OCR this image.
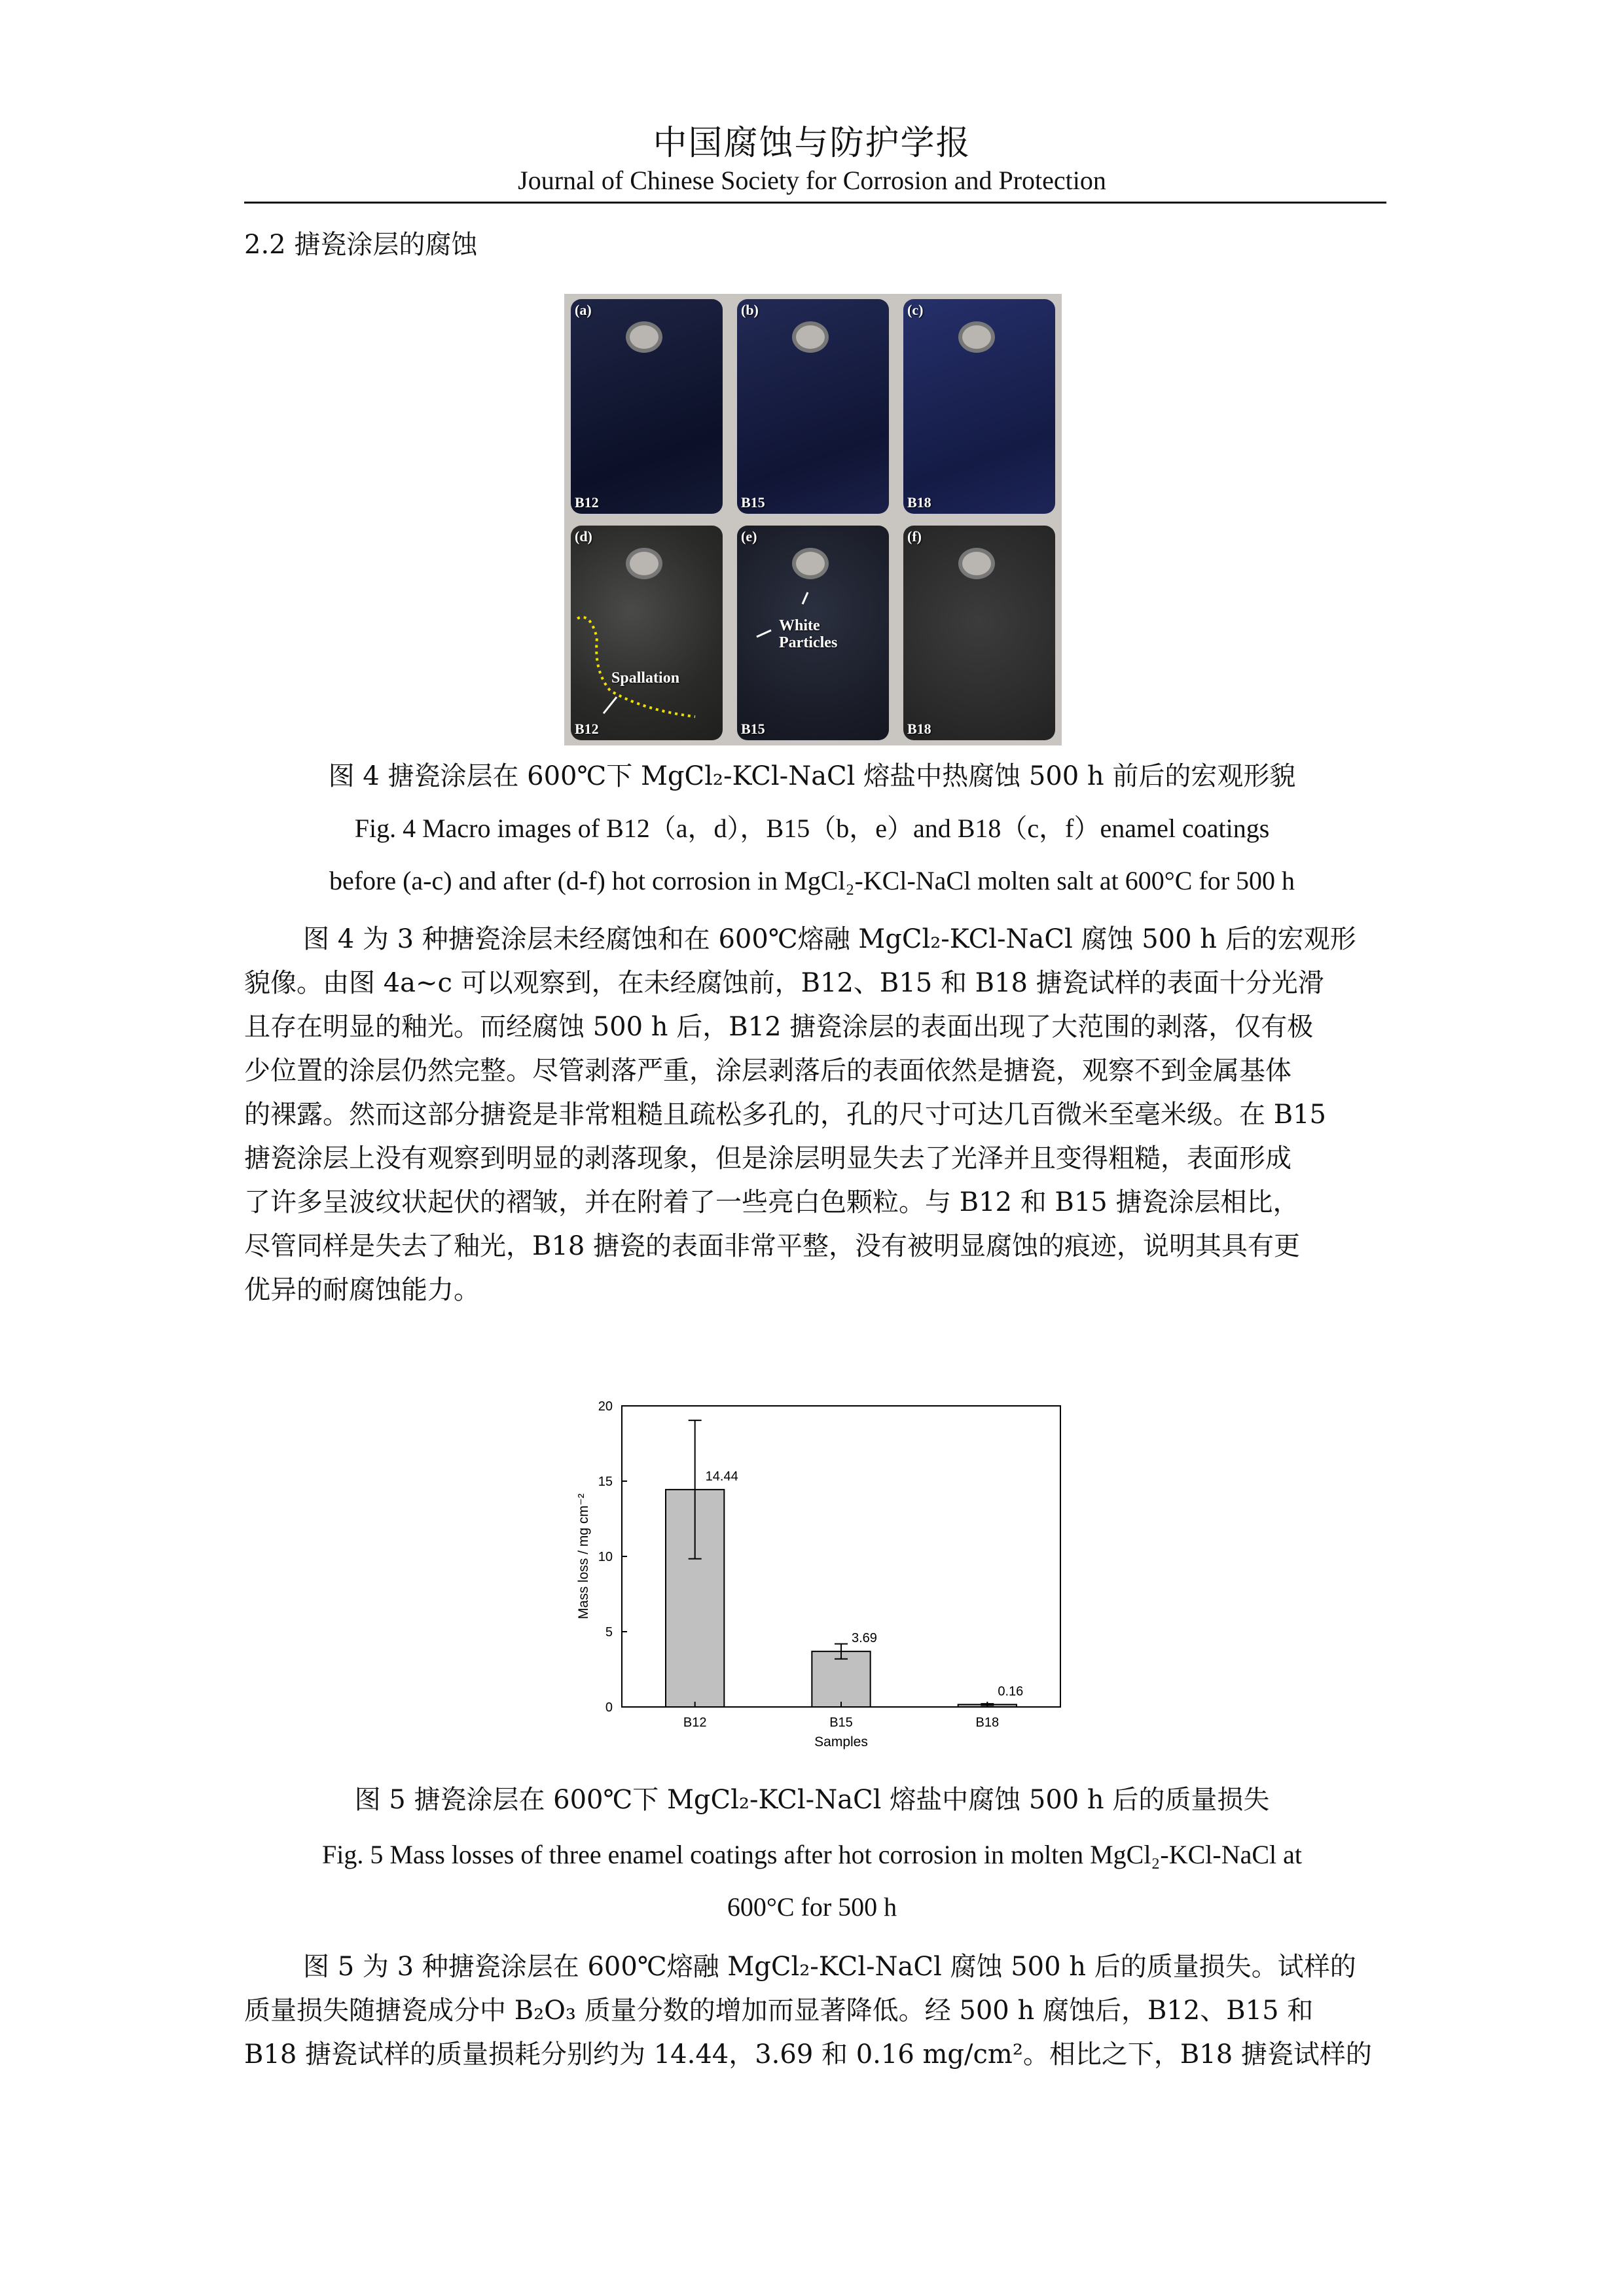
中国腐蚀与防护学报
Journal of Chinese Society for Corrosion and Protection
2.2 搪瓷涂层的腐蚀
(a)
B12
(b)
B15
(c)
B18
(d)
Spallation
B12
(e)
White
Particles
B15
(f)
B18
图 4 搪瓷涂层在 600℃下 MgCl₂-KCl-NaCl 熔盐中热腐蚀 500 h 前后的宏观形貌
Fig. 4 Macro images of B12（a，d），B15（b，e）and B18（c，f）enamel coatings
before (a-c) and after (d-f) hot corrosion in MgCl₂-KCl-NaCl molten salt at 600°C for 500 h
图 4 为 3 种搪瓷涂层未经腐蚀和在 600℃熔融 MgCl₂-KCl-NaCl 腐蚀 500 h 后的宏观形
貌像。由图 4a~c 可以观察到，在未经腐蚀前，B12、B15 和 B18 搪瓷试样的表面十分光滑
且存在明显的釉光。而经腐蚀 500 h 后，B12 搪瓷涂层的表面出现了大范围的剥落，仅有极
少位置的涂层仍然完整。尽管剥落严重，涂层剥落后的表面依然是搪瓷，观察不到金属基体
的裸露。然而这部分搪瓷是非常粗糙且疏松多孔的，孔的尺寸可达几百微米至毫米级。在 B15
搪瓷涂层上没有观察到明显的剥落现象，但是涂层明显失去了光泽并且变得粗糙，表面形成
了许多呈波纹状起伏的褶皱，并在附着了一些亮白色颗粒。与 B12 和 B15 搪瓷涂层相比，
尽管同样是失去了釉光，B18 搪瓷的表面非常平整，没有被明显腐蚀的痕迹，说明其具有更
优异的耐腐蚀能力。
0
5
10
15
20
14.44
B12
3.69
B15
0.16
B18
Samples
Mass loss / mg cm⁻²
图 5 搪瓷涂层在 600℃下 MgCl₂-KCl-NaCl 熔盐中腐蚀 500 h 后的质量损失
Fig. 5 Mass losses of three enamel coatings after hot corrosion in molten MgCl₂-KCl-NaCl at
600°C for 500 h
图 5 为 3 种搪瓷涂层在 600℃熔融 MgCl₂-KCl-NaCl 腐蚀 500 h 后的质量损失。试样的
质量损失随搪瓷成分中 B₂O₃ 质量分数的增加而显著降低。经 500 h 腐蚀后，B12、B15 和
B18 搪瓷试样的质量损耗分别约为 14.44，3.69 和 0.16 mg/cm²。相比之下，B18 搪瓷试样的
